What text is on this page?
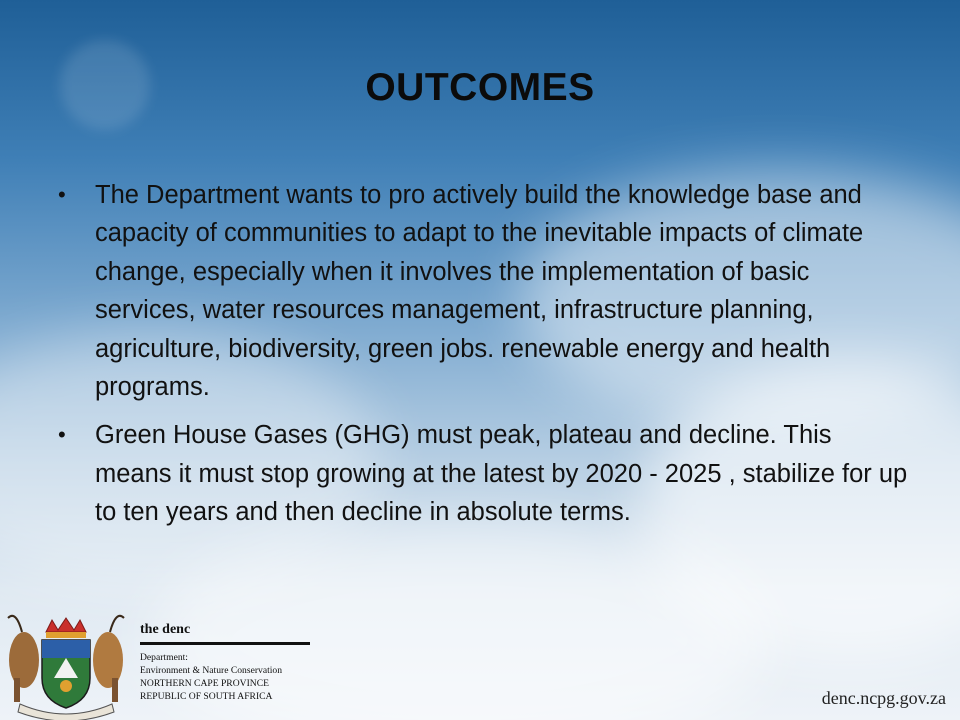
OUTCOMES
• The Department wants to pro actively build the knowledge base and capacity of communities to adapt to the inevitable impacts of climate change, especially when it involves the implementation of basic services, water resources management, infrastructure planning, agriculture, biodiversity, green jobs. renewable energy and health programs.
• Green House Gases (GHG) must peak, plateau and decline. This means it must stop growing at the latest by 2020 - 2025 , stabilize for up to ten years and then decline in absolute terms.
the denc
Department:
Environment & Nature Conservation
NORTHERN CAPE PROVINCE
REPUBLIC OF SOUTH AFRICA	denc.ncpg.gov.za
